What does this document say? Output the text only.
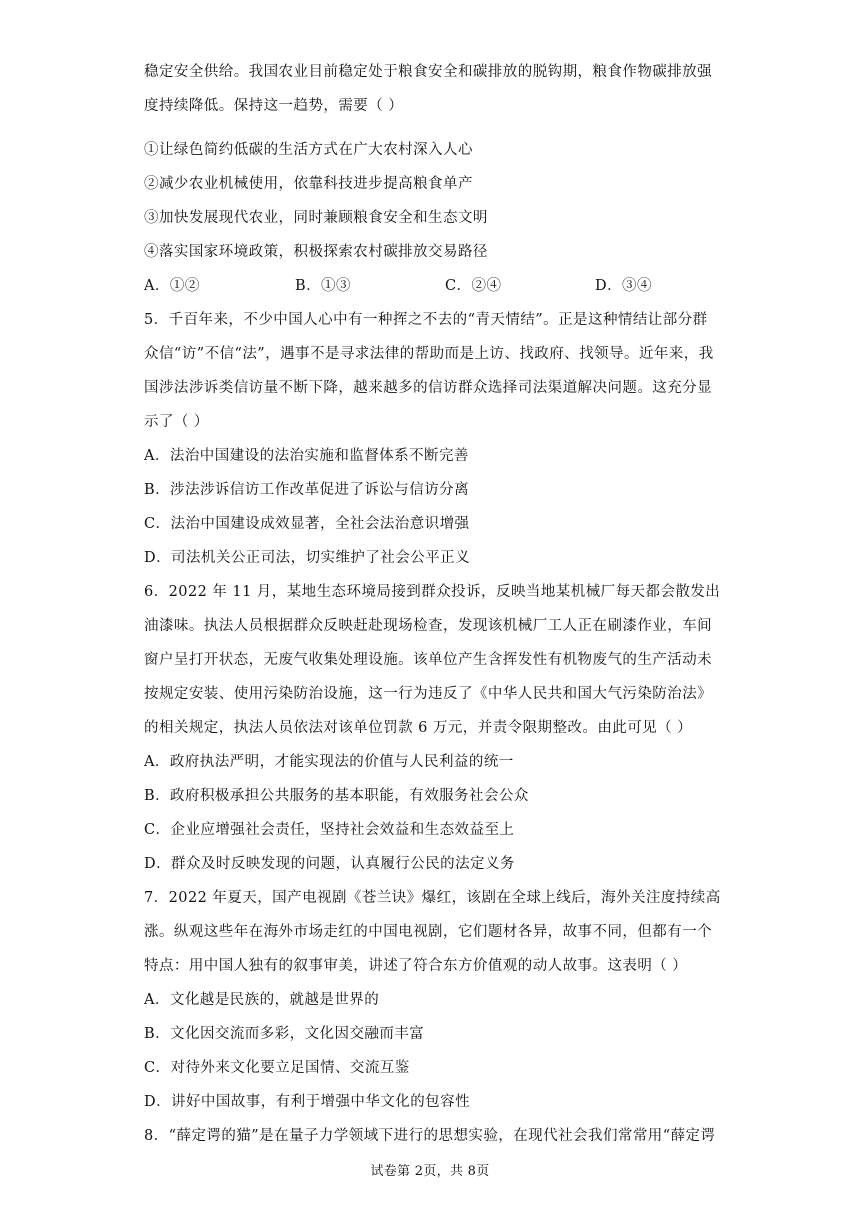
稳定安全供给。我国农业目前稳定处于粮食安全和碳排放的脱钩期，粮食作物碳排放强

度持续降低。保持这一趋势，需要（ ）

①让绿色简约低碳的生活方式在广大农村深入人心

②减少农业机械使用，依靠科技进步提高粮食单产

③加快发展现代农业，同时兼顾粮食安全和生态文明

④落实国家环境政策，积极探索农村碳排放交易路径

A．①②	B．①③	C．②④	D．③④

5．千百年来，不少中国人心中有一种挥之不去的“青天情结”。正是这种情结让部分群

众信“访”不信“法”，遇事不是寻求法律的帮助而是上访、找政府、找领导。近年来，我

国涉法涉诉类信访量不断下降，越来越多的信访群众选择司法渠道解决问题。这充分显

示了（ ）

A．法治中国建设的法治实施和监督体系不断完善

B．涉法涉诉信访工作改革促进了诉讼与信访分离

C．法治中国建设成效显著，全社会法治意识增强

D．司法机关公正司法，切实维护了社会公平正义

6．2022 年 11 月，某地生态环境局接到群众投诉，反映当地某机械厂每天都会散发出

油漆味。执法人员根据群众反映赶赴现场检查，发现该机械厂工人正在刷漆作业，车间

窗户呈打开状态，无废气收集处理设施。该单位产生含挥发性有机物废气的生产活动未

按规定安装、使用污染防治设施，这一行为违反了《中华人民共和国大气污染防治法》

的相关规定，执法人员依法对该单位罚款 6 万元，并责令限期整改。由此可见（ ）

A．政府执法严明，才能实现法的价值与人民利益的统一

B．政府积极承担公共服务的基本职能，有效服务社会公众

C．企业应增强社会责任，坚持社会效益和生态效益至上

D．群众及时反映发现的问题，认真履行公民的法定义务

7．2022 年夏天，国产电视剧《苍兰诀》爆红，该剧在全球上线后，海外关注度持续高

涨。纵观这些年在海外市场走红的中国电视剧，它们题材各异，故事不同，但都有一个

特点：用中国人独有的叙事审美，讲述了符合东方价值观的动人故事。这表明（ ）

A．文化越是民族的，就越是世界的

B．文化因交流而多彩，文化因交融而丰富

C．对待外来文化要立足国情、交流互鉴

D．讲好中国故事，有利于增强中华文化的包容性

8．“薛定谔的猫”是在量子力学领域下进行的思想实验，在现代社会我们常常用“薛定谔

试卷第 2页，共 8页
